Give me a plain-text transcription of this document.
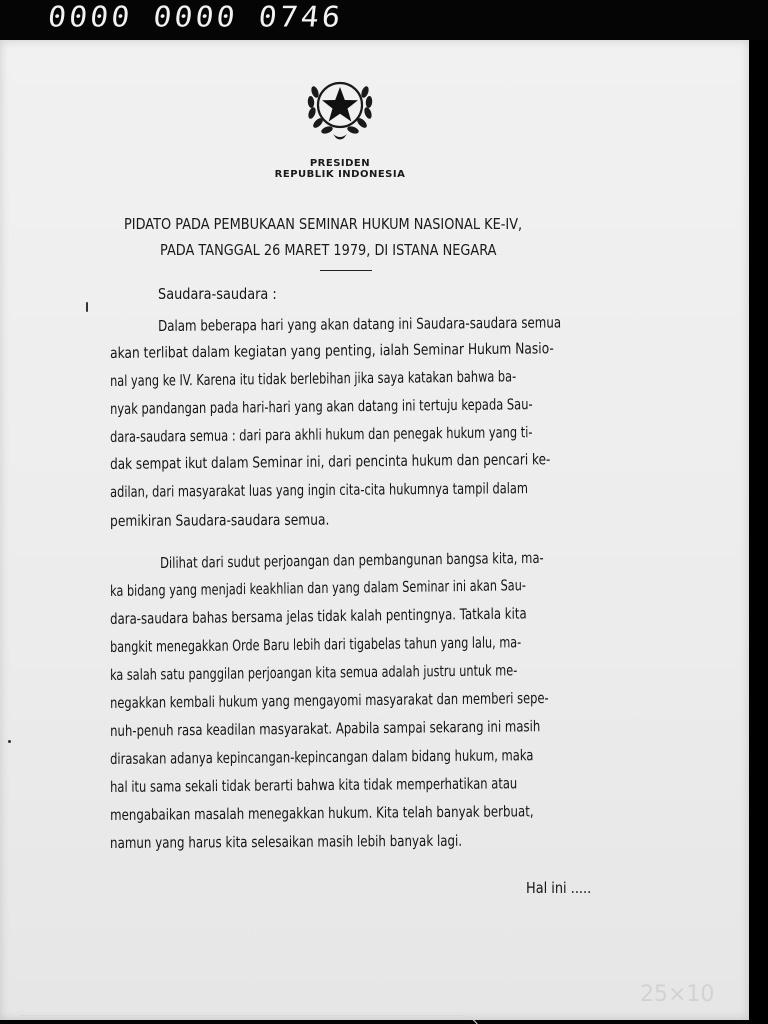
0000 0000 0746
PRESIDEN
REPUBLIK INDONESIA
PIDATO PADA PEMBUKAAN SEMINAR HUKUM NASIONAL KE-IV,
PADA TANGGAL 26 MARET 1979, DI ISTANA NEGARA
Saudara-saudara :
Dalam beberapa hari yang akan datang ini Saudara-saudara semua
akan terlibat dalam kegiatan yang penting, ialah Seminar Hukum Nasio-
nal yang ke IV. Karena itu tidak berlebihan jika saya katakan bahwa ba-
nyak pandangan pada hari-hari yang akan datang ini tertuju kepada Sau-
dara-saudara semua : dari para akhli hukum dan penegak hukum yang ti-
dak sempat ikut dalam Seminar ini, dari pencinta hukum dan pencari ke-
adilan, dari masyarakat luas yang ingin cita-cita hukumnya tampil dalam
pemikiran Saudara-saudara semua.
Dilihat dari sudut perjoangan dan pembangunan bangsa kita, ma-
ka bidang yang menjadi keakhlian dan yang dalam Seminar ini akan Sau-
dara-saudara bahas bersama jelas tidak kalah pentingnya. Tatkala kita
bangkit menegakkan Orde Baru lebih dari tigabelas tahun yang lalu, ma-
ka salah satu panggilan perjoangan kita semua adalah justru untuk me-
negakkan kembali hukum yang mengayomi masyarakat dan memberi sepe-
nuh-penuh rasa keadilan masyarakat. Apabila sampai sekarang ini masih
dirasakan adanya kepincangan-kepincangan dalam bidang hukum, maka
hal itu sama sekali tidak berarti bahwa kita tidak memperhatikan atau
mengabaikan masalah menegakkan hukum. Kita telah banyak berbuat,
namun yang harus kita selesaikan masih lebih banyak lagi.
Hal ini .....
25×10
